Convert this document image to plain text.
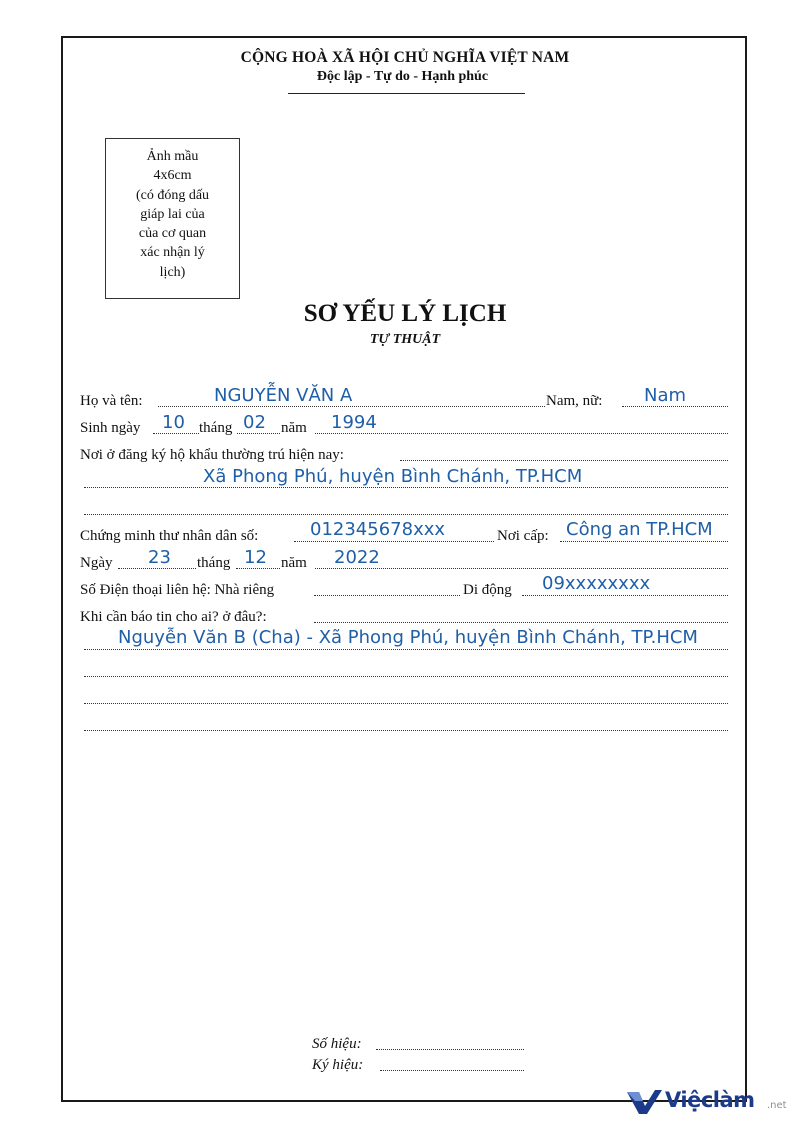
CỘNG HOÀ XÃ HỘI CHỦ NGHĨA VIỆT NAM
Độc lập - Tự do - Hạnh phúc
Ảnh mầu
4x6cm
(có đóng dấu
giáp lai của
của cơ quan
xác nhận lý
lịch)
SƠ YẾU LÝ LỊCH
TỰ THUẬT
Họ và tên:	NGUYỄN VĂN A	Nam, nữ: Nam
Sinh ngày 10 tháng 02 năm 1994
Nơi ở đăng ký hộ khẩu thường trú hiện nay:
Xã Phong Phú, huyện Bình Chánh, TP.HCM
Chứng minh thư nhân dân số:	012345678xxx	Nơi cấp: Công an TP.HCM
Ngày 23 tháng 12 năm 2022
Số Điện thoại liên hệ: Nhà riêng	Di động 09xxxxxxxx
Khi cần báo tin cho ai? ở đâu?:
Nguyễn Văn B (Cha) - Xã Phong Phú, huyện Bình Chánh, TP.HCM
Số hiệu:
Ký hiệu:
Việclàm .net
